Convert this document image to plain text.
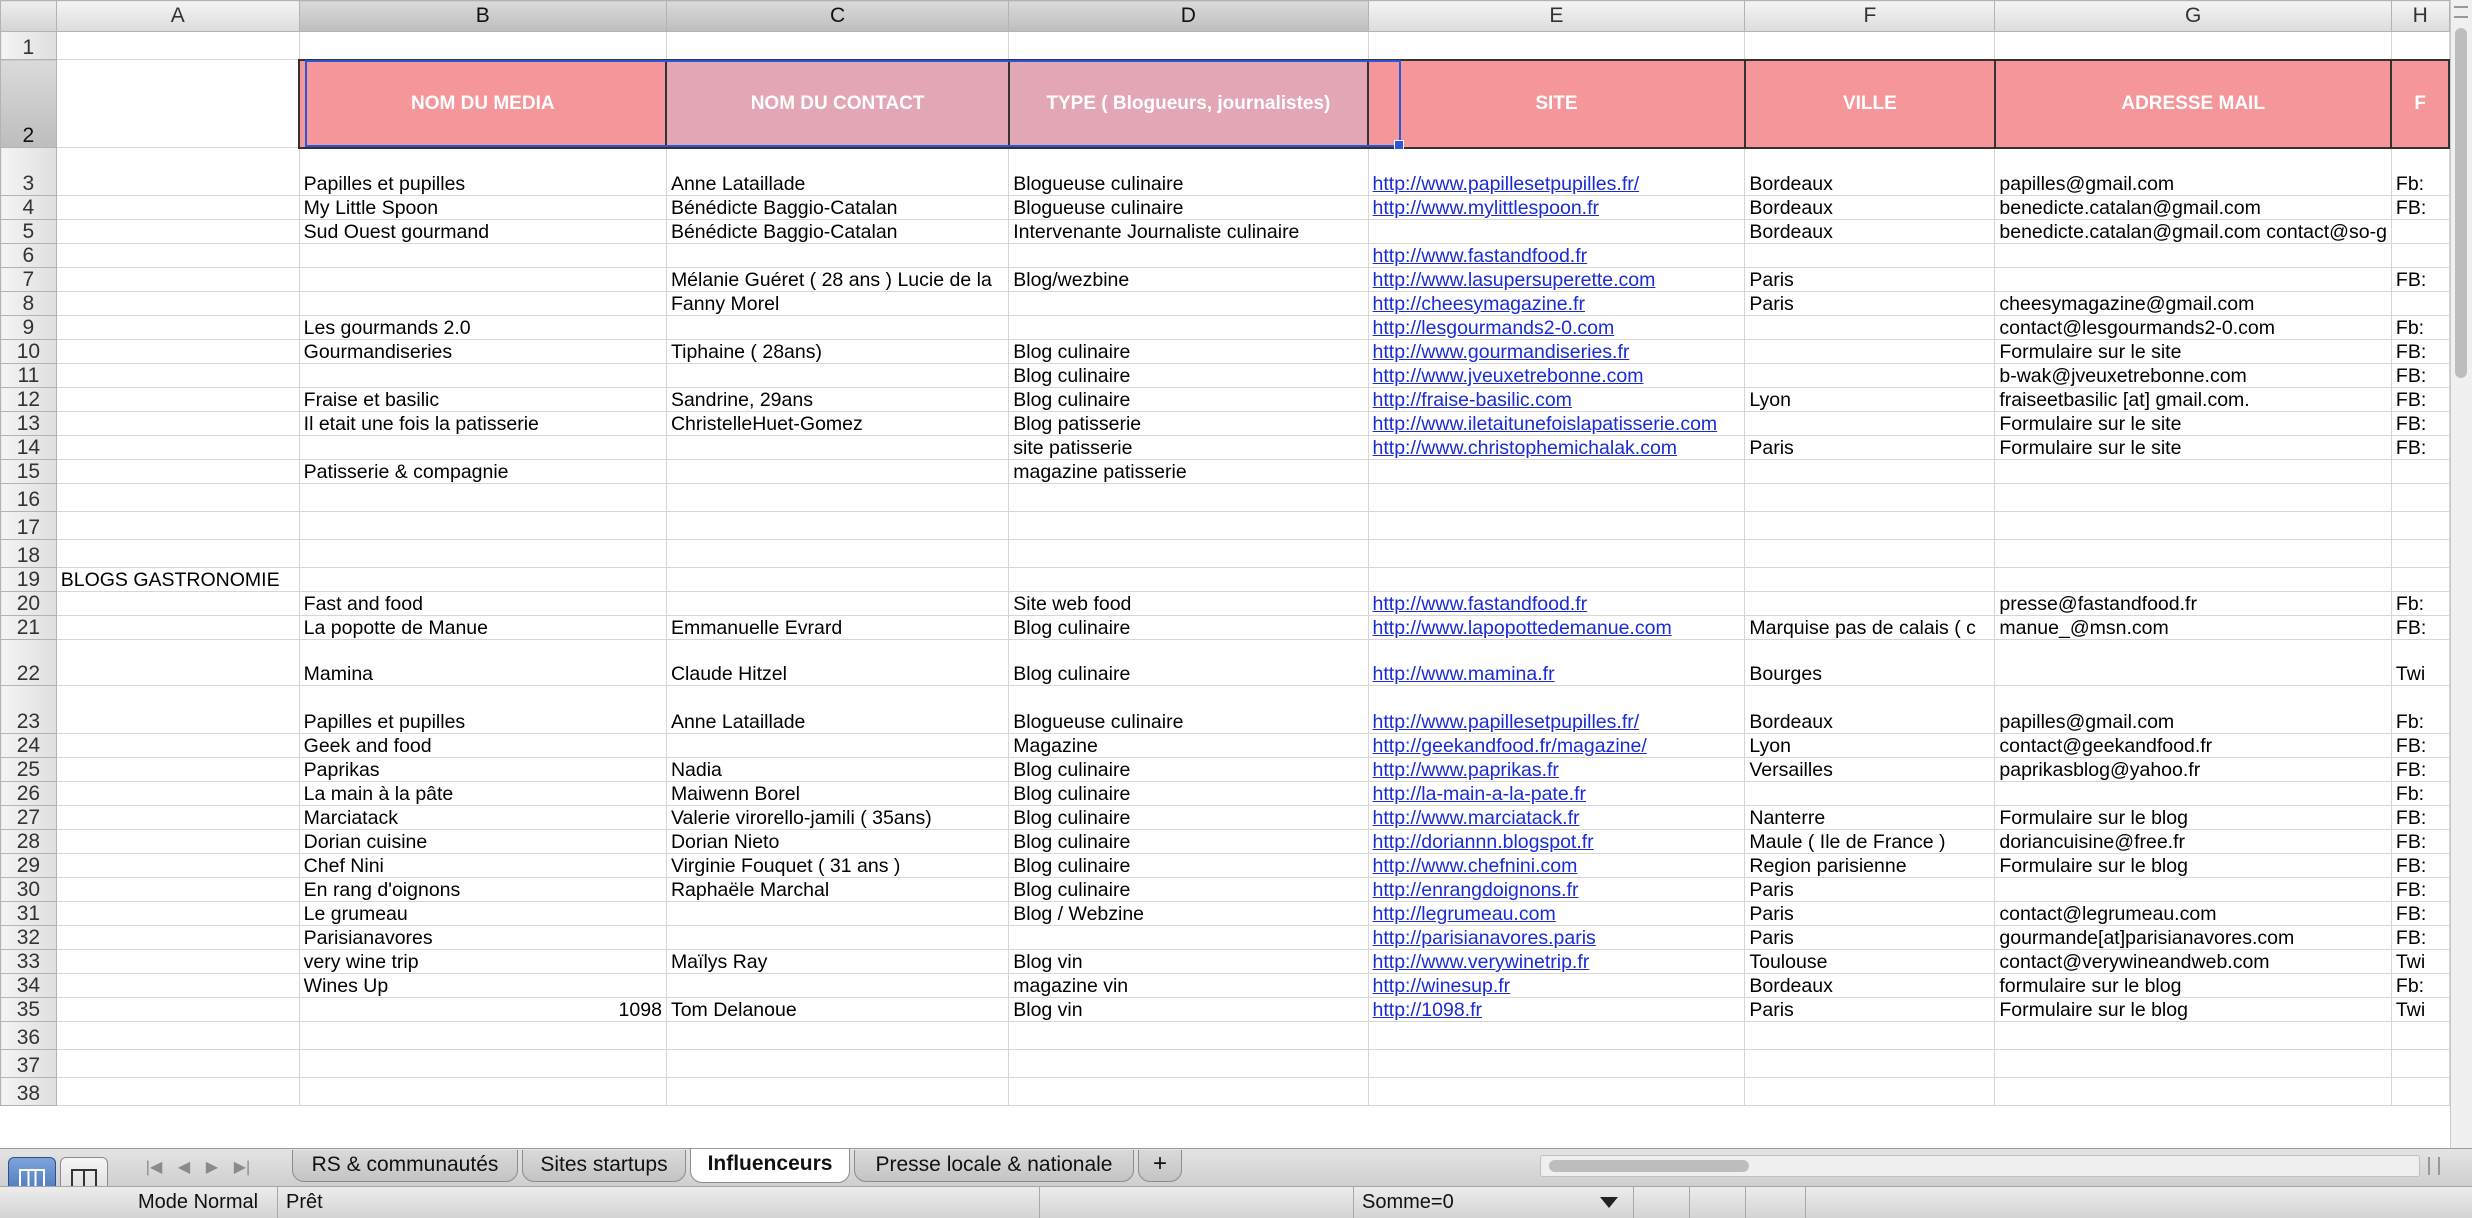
	A	B	C	D	E	F	G	H
1								
2		NOM DU MEDIA	NOM DU CONTACT	TYPE ( Blogueurs, journalistes)	SITE	VILLE	ADRESSE MAIL	F
3		Papilles et pupilles	Anne Lataillade	Blogueuse culinaire	http://www.papillesetpupilles.fr/	Bordeaux	papilles@gmail.com	Fb:
4		My Little Spoon	Bénédicte Baggio-Catalan	Blogueuse culinaire	http://www.mylittlespoon.fr	Bordeaux	benedicte.catalan@gmail.com	FB:
5		Sud Ouest gourmand	Bénédicte Baggio-Catalan	Intervenante Journaliste culinaire		Bordeaux	benedicte.catalan@gmail.com contact@so-g	
6					http://www.fastandfood.fr			
7			Mélanie Guéret ( 28 ans ) Lucie de la	Blog/wezbine	http://www.lasupersuperette.com	Paris		FB:
8			Fanny Morel		http://cheesymagazine.fr	Paris	cheesymagazine@gmail.com	
9		Les gourmands 2.0			http://lesgourmands2-0.com		contact@lesgourmands2-0.com	Fb:
10		Gourmandiseries	Tiphaine ( 28ans)	Blog culinaire	http://www.gourmandiseries.fr		Formulaire sur le site	FB:
11				Blog culinaire	http://www.jveuxetrebonne.com		b-wak@jveuxetrebonne.com	FB:
12		Fraise et basilic	Sandrine, 29ans	Blog culinaire	http://fraise-basilic.com	Lyon	fraiseetbasilic [at] gmail.com.	FB:
13		Il etait une fois la patisserie	ChristelleHuet-Gomez	Blog patisserie	http://www.iletaitunefoislapatisserie.com		Formulaire sur le site	FB:
14				site patisserie	http://www.christophemichalak.com	Paris	Formulaire sur le site	FB:
15		Patisserie & compagnie		magazine patisserie				
16								
17								
18								
19	BLOGS GASTRONOMIE							
20		Fast and food		Site web food	http://www.fastandfood.fr		presse@fastandfood.fr	Fb:
21		La popotte de Manue	Emmanuelle Evrard	Blog culinaire	http://www.lapopottedemanue.com	Marquise pas de calais ( c	manue_@msn.com	FB:
22		Mamina	Claude Hitzel	Blog culinaire	http://www.mamina.fr	Bourges		Twi
23		Papilles et pupilles	Anne Lataillade	Blogueuse culinaire	http://www.papillesetpupilles.fr/	Bordeaux	papilles@gmail.com	Fb:
24		Geek and food		Magazine	http://geekandfood.fr/magazine/	Lyon	contact@geekandfood.fr	FB:
25		Paprikas	Nadia	Blog culinaire	http://www.paprikas.fr	Versailles	paprikasblog@yahoo.fr	FB:
26		La main à la pâte	Maiwenn Borel	Blog culinaire	http://la-main-a-la-pate.fr			Fb:
27		Marciatack	Valerie virorello-jamili ( 35ans)	Blog culinaire	http://www.marciatack.fr	Nanterre	Formulaire sur le blog	FB:
28		Dorian cuisine	Dorian Nieto	Blog culinaire	http://doriannn.blogspot.fr	Maule ( Ile de France )	doriancuisine@free.fr	FB:
29		Chef Nini	Virginie Fouquet ( 31 ans )	Blog culinaire	http://www.chefnini.com	Region parisienne	Formulaire sur le blog	FB:
30		En rang d'oignons	Raphaële Marchal	Blog culinaire	http://enrangdoignons.fr	Paris		FB:
31		Le grumeau		Blog / Webzine	http://legrumeau.com	Paris	contact@legrumeau.com	FB:
32		Parisianavores			http://parisianavores.paris	Paris	gourmande[at]parisianavores.com	FB:
33		very wine trip	Maïlys Ray	Blog vin	http://www.verywinetrip.fr	Toulouse	contact@verywineandweb.com	Twi
34		Wines Up		magazine vin	http://winesup.fr	Bordeaux	formulaire sur le blog	Fb:
35		1098	Tom Delanoue	Blog vin	http://1098.fr	Paris	Formulaire sur le blog	Twi
36								
37								
38								
|◀ ◀ ▶ ▶|	RS & communautés	Sites startups	Influenceurs	Presse locale & nationale	+
Mode Normal	Prêt	Somme=0
